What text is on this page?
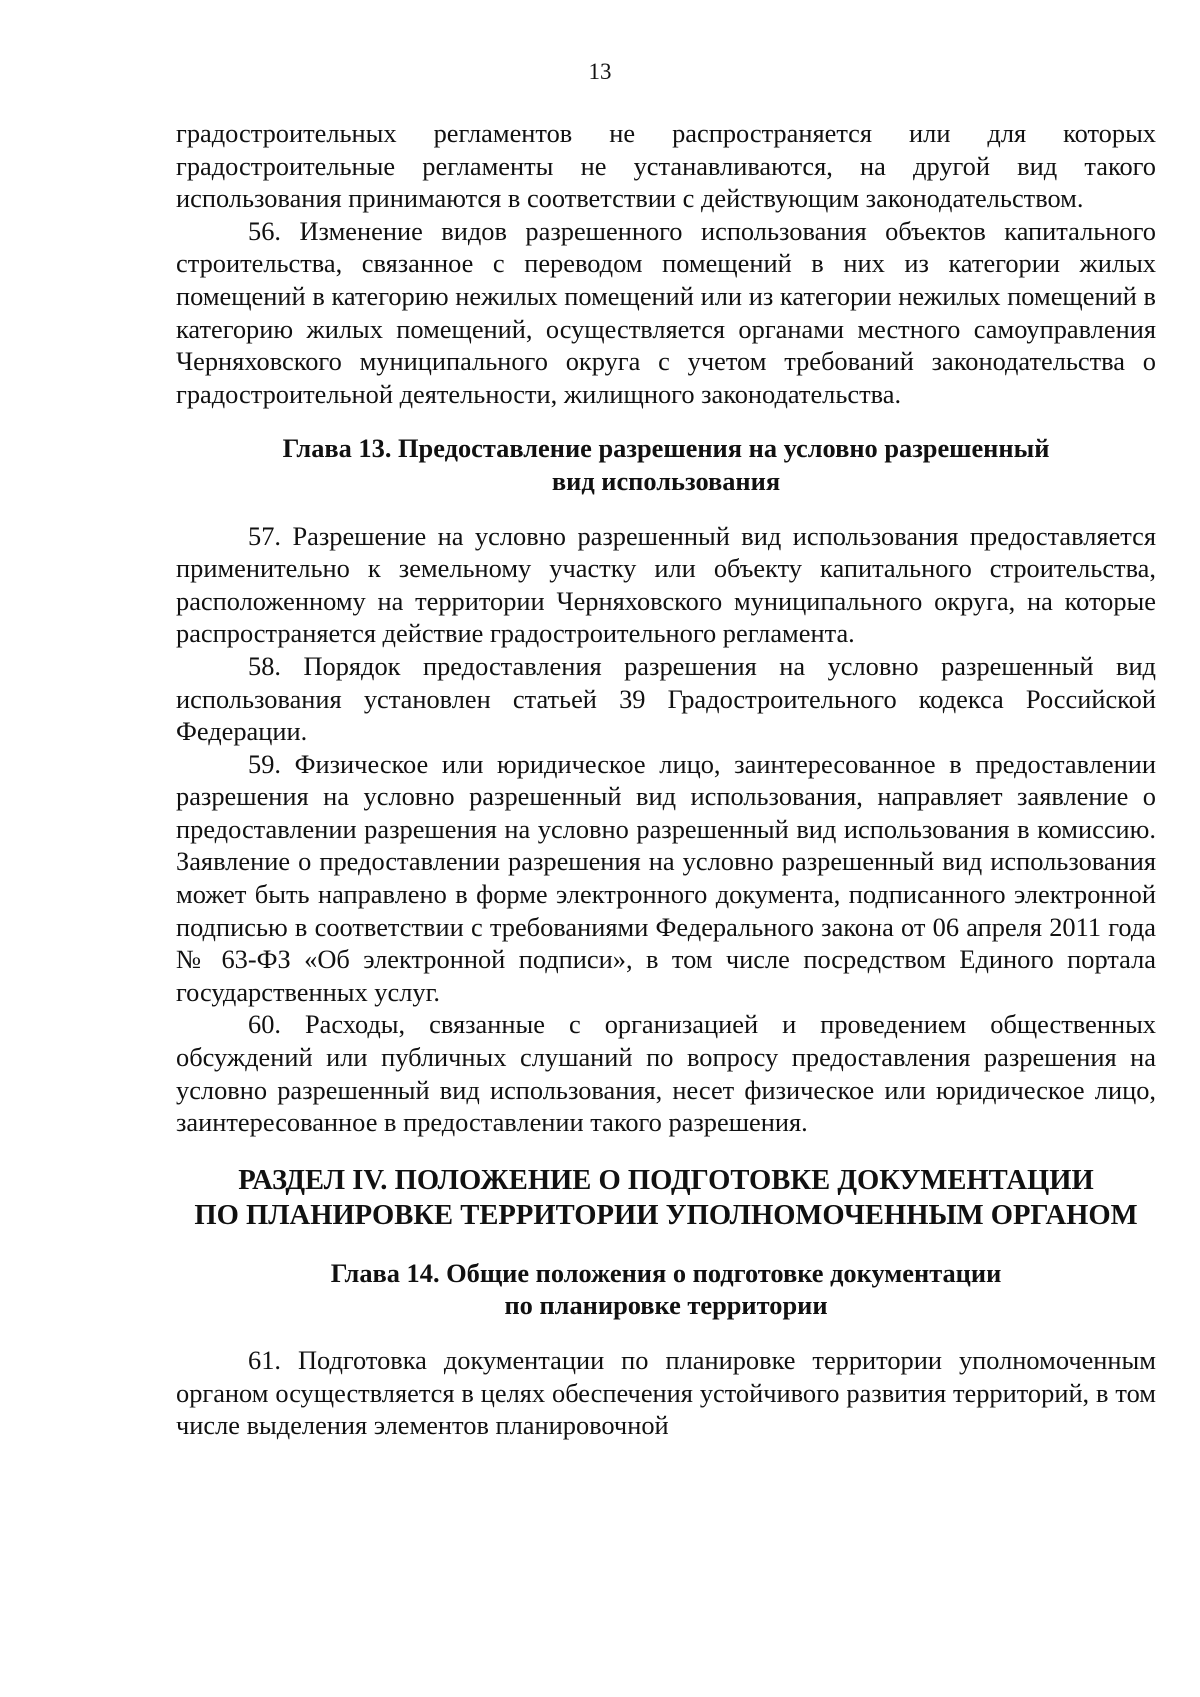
13

градостроительных регламентов не распространяется или для которых градостроительные регламенты не устанавливаются, на другой вид такого использования принимаются в соответствии с действующим законодательством.

56. Изменение видов разрешенного использования объектов капитального строительства, связанное с переводом помещений в них из категории жилых помещений в категорию нежилых помещений или из категории нежилых помещений в категорию жилых помещений, осуществляется органами местного самоуправления Черняховского муниципального округа с учетом требований законодательства о градостроительной деятельности, жилищного законодательства.

Глава 13. Предоставление разрешения на условно разрешенный
вид использования

57. Разрешение на условно разрешенный вид использования предоставляется применительно к земельному участку или объекту капитального строительства, расположенному на территории Черняховского муниципального округа, на которые распространяется действие градостроительного регламента.

58. Порядок предоставления разрешения на условно разрешенный вид использования установлен статьей 39 Градостроительного кодекса Российской Федерации.

59. Физическое или юридическое лицо, заинтересованное в предоставлении разрешения на условно разрешенный вид использования, направляет заявление о предоставлении разрешения на условно разрешенный вид использования в комиссию. Заявление о предоставлении разрешения на условно разрешенный вид использования может быть направлено в форме электронного документа, подписанного электронной подписью в соответствии с требованиями Федерального закона от 06 апреля 2011 года № 63-ФЗ «Об электронной подписи», в том числе посредством Единого портала государственных услуг.

60. Расходы, связанные с организацией и проведением общественных обсуждений или публичных слушаний по вопросу предоставления разрешения на условно разрешенный вид использования, несет физическое или юридическое лицо, заинтересованное в предоставлении такого разрешения.

РАЗДЕЛ IV. ПОЛОЖЕНИЕ О ПОДГОТОВКЕ ДОКУМЕНТАЦИИ
ПО ПЛАНИРОВКЕ ТЕРРИТОРИИ УПОЛНОМОЧЕННЫМ ОРГАНОМ
Глава 14. Общие положения о подготовке документации
по планировке территории

61. Подготовка документации по планировке территории уполномоченным органом осуществляется в целях обеспечения устойчивого развития территорий, в том числе выделения элементов планировочной
